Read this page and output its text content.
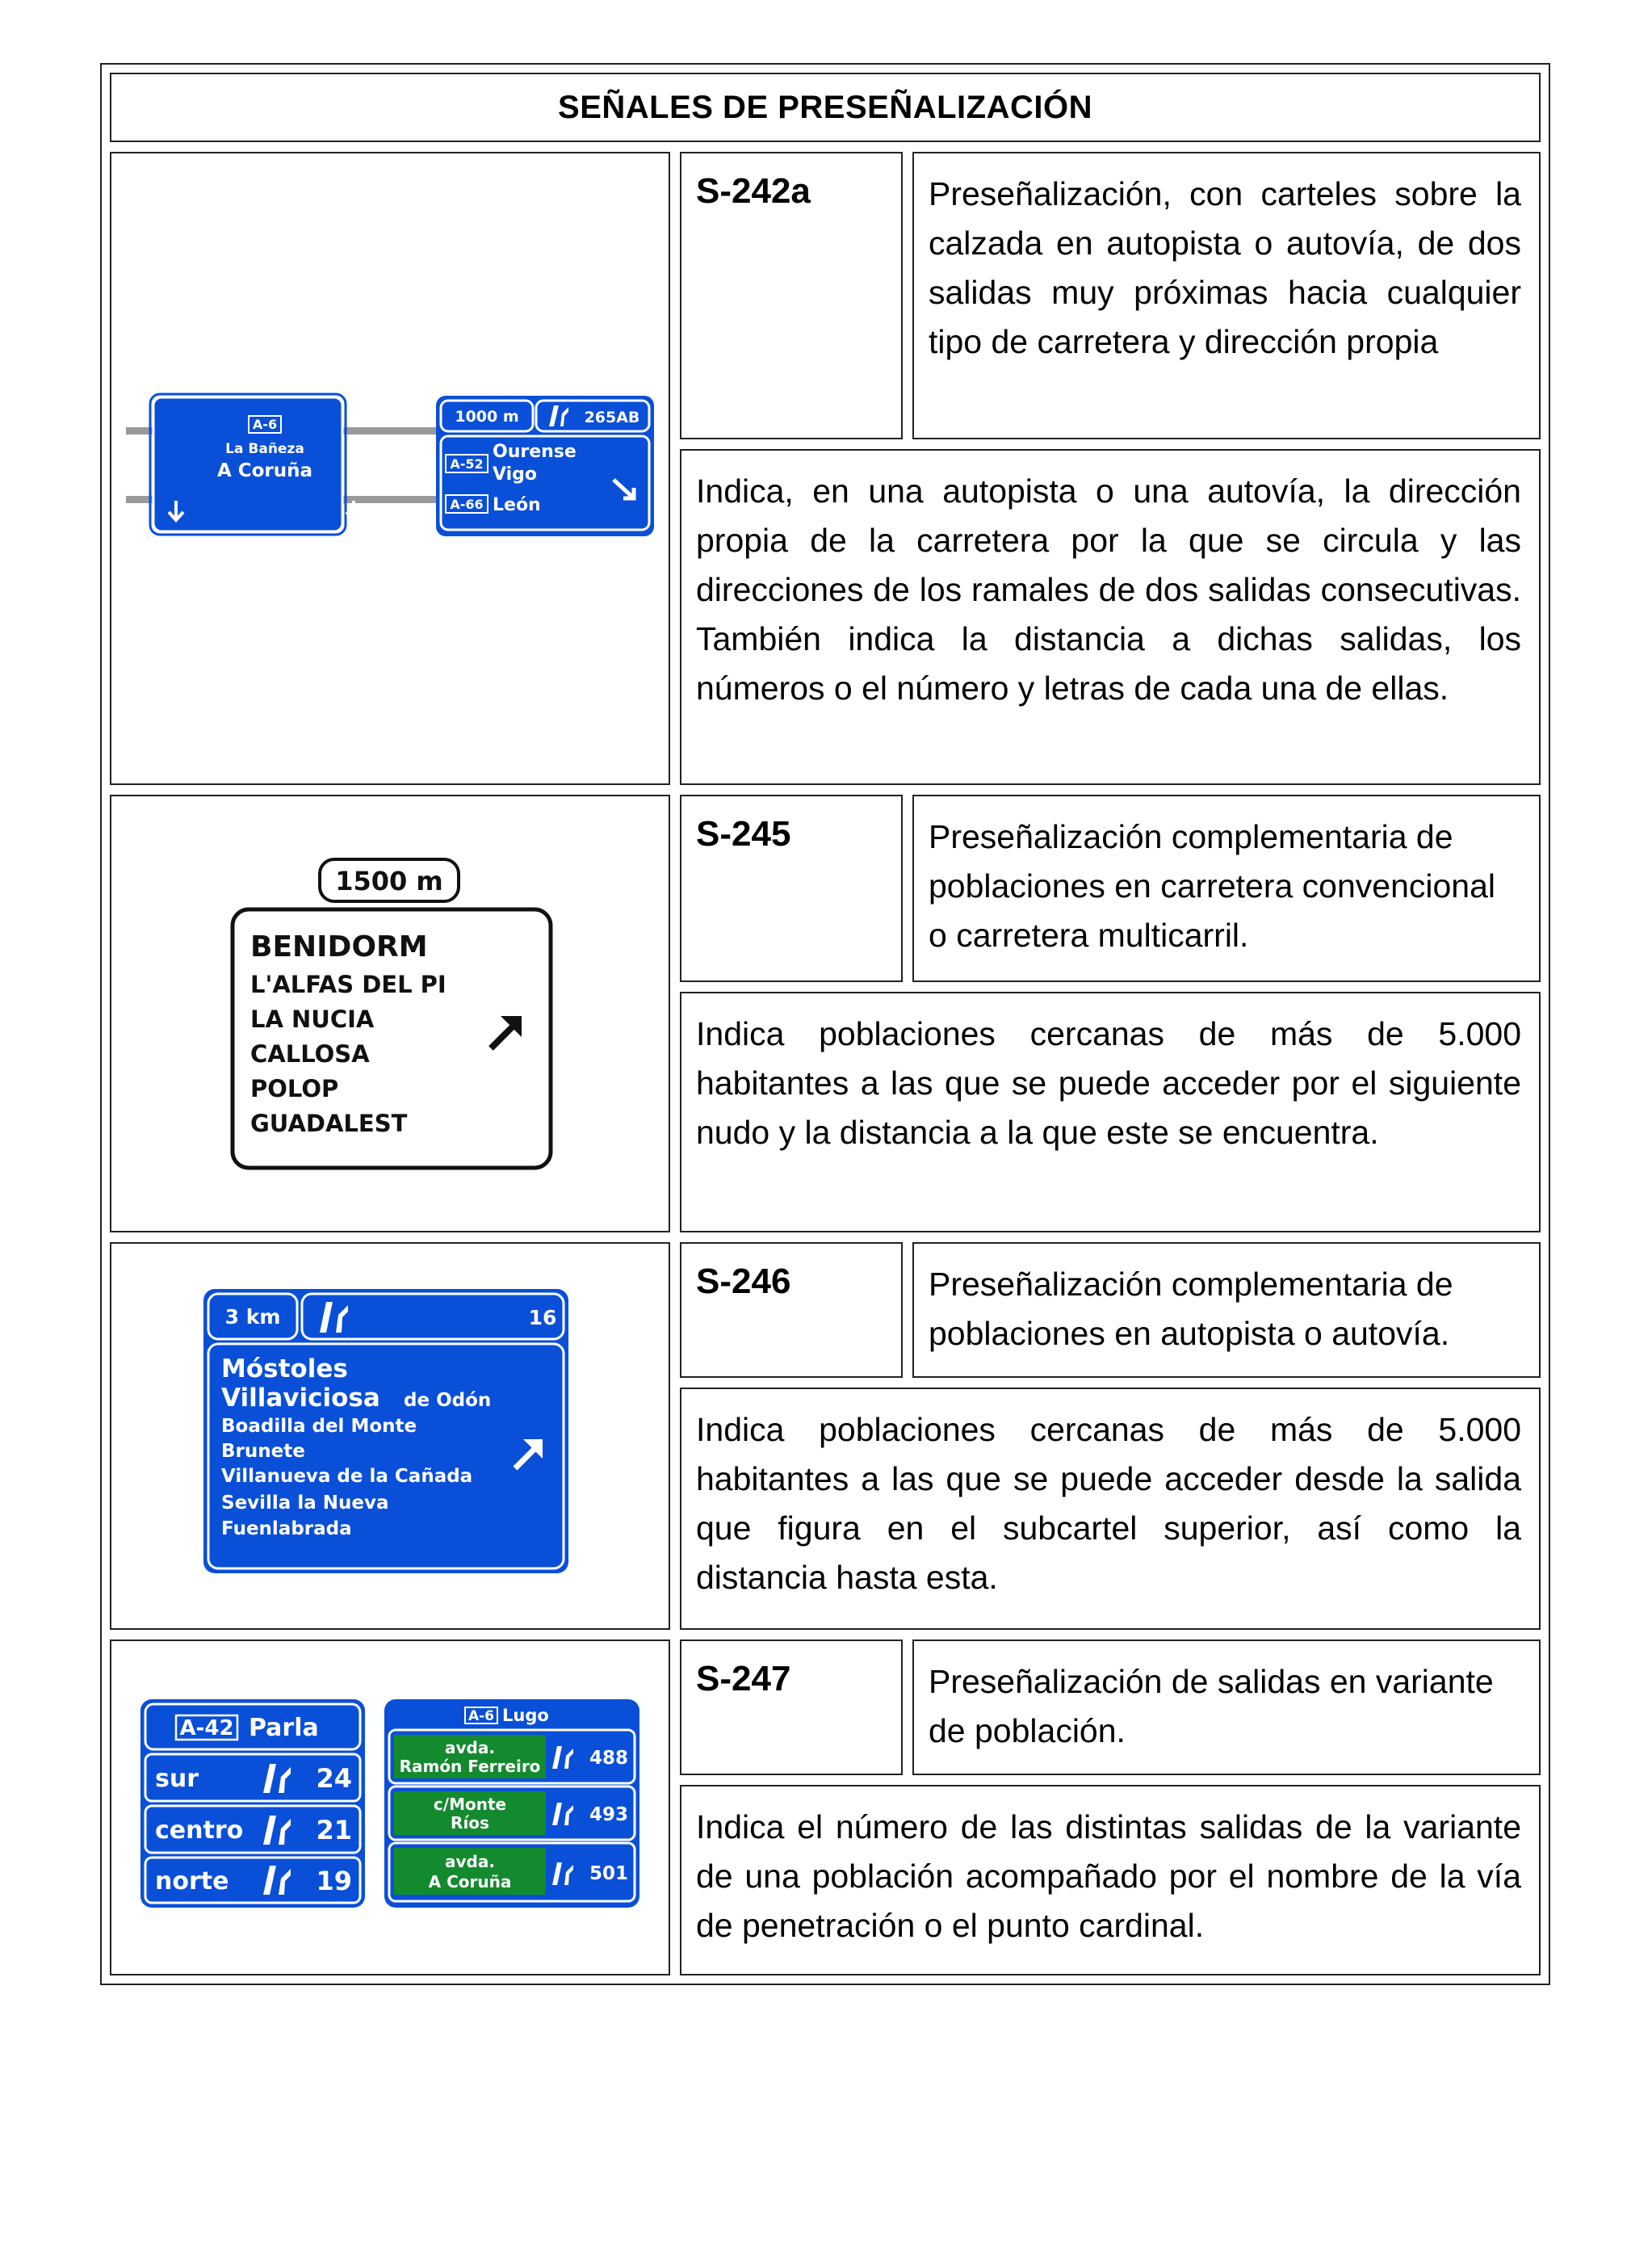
SEÑALES DE PRESEÑALIZACIÓN
A-6
La Bañeza
A Coruña
1000 m	265AB
A-52
Ourense
Vigo
A-66 León
S-242a	Preseñalización, con carteles sobre la calzada en autopista o autovía, de dos salidas muy próximas hacia cualquier tipo de carretera y dirección propia
Indica, en una autopista o una autovía, la dirección propia de la carretera por la que se circula y las direcciones de los ramales de dos salidas consecutivas. También indica la distancia a dichas salidas, los números o el número y letras de cada una de ellas.
1500 m
BENIDORM
L'ALFAS DEL PI
LA NUCIA
CALLOSA
POLOP
GUADALEST
S-245	Preseñalización complementaria de poblaciones en carretera convencional o carretera multicarril.
Indica poblaciones cercanas de más de 5.000 habitantes a las que se puede acceder por el siguiente nudo y la distancia a la que este se encuentra.
3 km	16
Móstoles
Villaviciosa de Odón
Boadilla del Monte
Brunete
Villanueva de la Cañada
Sevilla la Nueva
Fuenlabrada
S-246	Preseñalización complementaria de poblaciones en autopista o autovía.
Indica poblaciones cercanas de más de 5.000 habitantes a las que se puede acceder desde la salida que figura en el subcartel superior, así como la distancia hasta esta.
A-42 Parla
sur	24
centro	21
norte	19
A-6 Lugo
avda.
Ramón Ferreiro	488
c/Monte
Ríos	493
avda.
A Coruña	501
S-247	Preseñalización de salidas en variante de población.
Indica el número de las distintas salidas de la variante de una población acompañado por el nombre de la vía de penetración o el punto cardinal.
